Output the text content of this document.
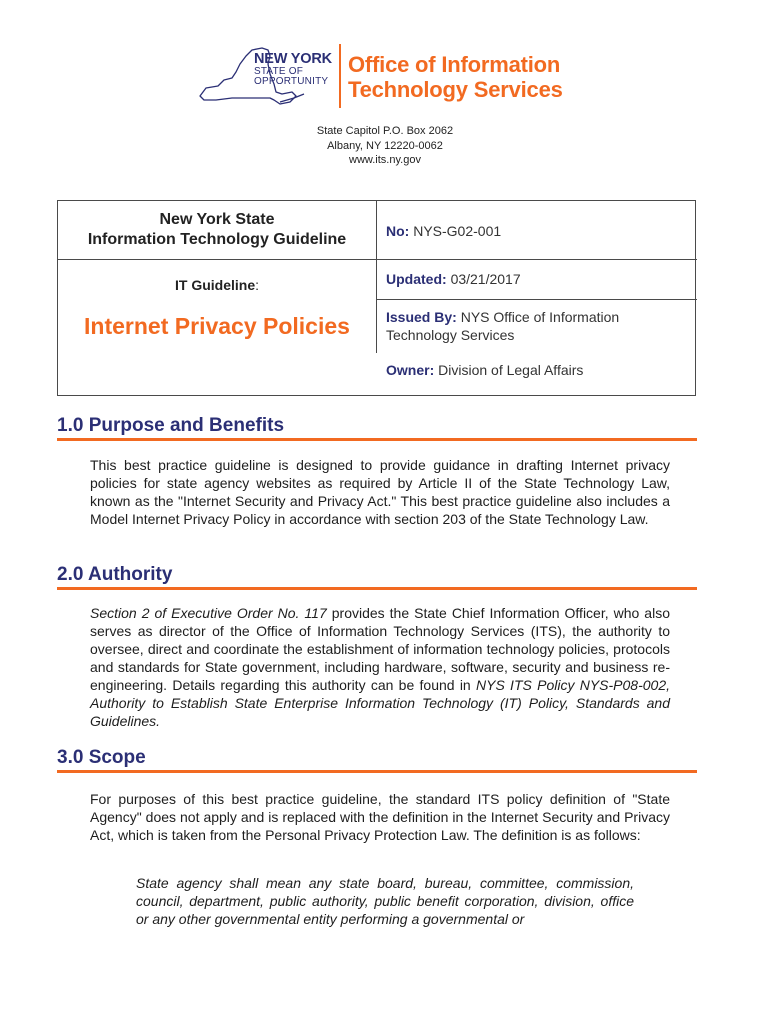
NEW YORK
STATE OF
OPPORTUNITY
Office of Information
Technology Services
State Capitol P.O. Box 2062
Albany, NY 12220-0062
www.its.ny.gov
New York State
Information Technology Guideline
IT Guideline:
Internet Privacy Policies
No: NYS-G02-001
Updated: 03/21/2017
Issued By: NYS Office of Information Technology Services
Owner: Division of Legal Affairs
1.0 Purpose and Benefits
This best practice guideline is designed to provide guidance in drafting Internet privacy policies for state agency websites as required by Article II of the State Technology Law, known as the "Internet Security and Privacy Act." This best practice guideline also includes a Model Internet Privacy Policy in accordance with section 203 of the State Technology Law.
2.0 Authority
Section 2 of Executive Order No. 117 provides the State Chief Information Officer, who also serves as director of the Office of Information Technology Services (ITS), the authority to oversee, direct and coordinate the establishment of information technology policies, protocols and standards for State government, including hardware, software, security and business re-engineering. Details regarding this authority can be found in NYS ITS Policy NYS-P08-002, Authority to Establish State Enterprise Information Technology (IT) Policy, Standards and Guidelines.
3.0 Scope
For purposes of this best practice guideline, the standard ITS policy definition of "State Agency" does not apply and is replaced with the definition in the Internet Security and Privacy Act, which is taken from the Personal Privacy Protection Law. The definition is as follows:
State agency shall mean any state board, bureau, committee, commission, council, department, public authority, public benefit corporation, division, office or any other governmental entity performing a governmental or
